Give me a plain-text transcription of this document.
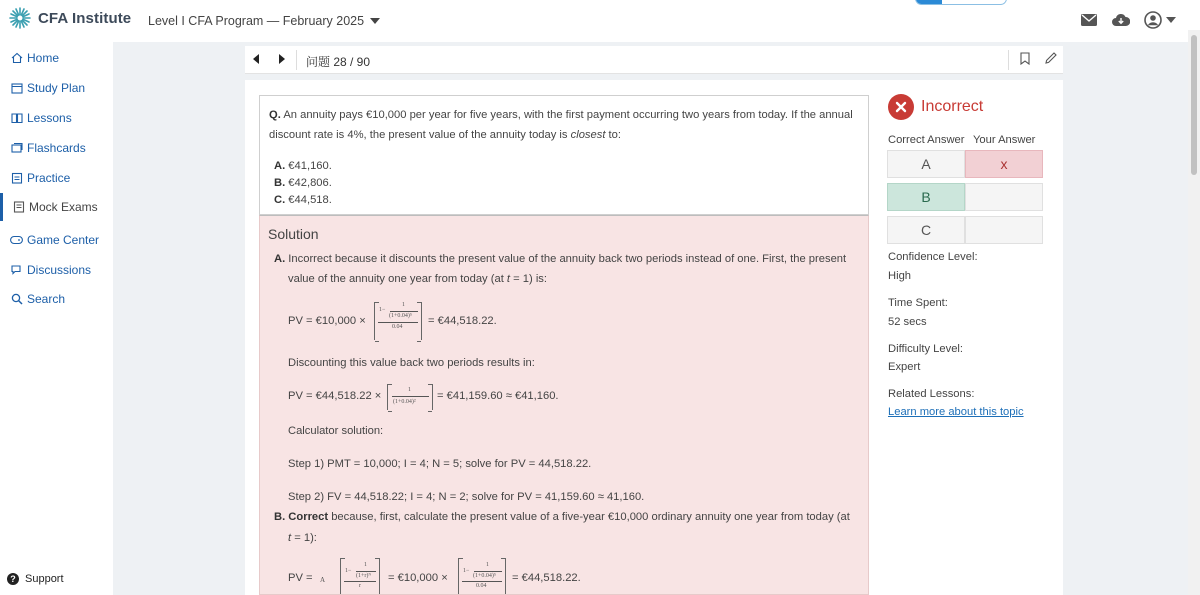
CFA Institute Level I CFA Program — February 2025
Home
Study Plan
Lessons
Flashcards
Practice
Mock Exams
Game Center
Discussions
Search
? Support
问题 28 / 90
Q. An annuity pays €10,000 per year for five years, with the first payment occurring two years from today. If the annual
discount rate is 4%, the present value of the annuity today is closest to:
A. €41,160.
B. €42,806.
C. €44,518.
Solution
A. Incorrect because it discounts the present value of the annuity back two periods instead of one. First, the present
value of the annuity one year from today (at t = 1) is:
PV = €10,000 ×
1−
1
(1+0.04)⁵
0.04 = €44,518.22.
Discounting this value back two periods results in:
PV = €44,518.22 ×	1
(1+0.04)² = €41,159.60 ≈ €41,160.
Calculator solution:
Step 1) PMT = 10,000; I = 4; N = 5; solve for PV = 44,518.22.
Step 2) FV = 44,518.22; I = 4; N = 2; solve for PV = 41,159.60 ≈ 41,160.
B. Correct because, first, calculate the present value of a five-year €10,000 ordinary annuity one year from today (at
t = 1):
PV = A
1−
1
(1+r)ᴺ
r
= €10,000 ×
1−
1
(1+0.04)⁵
0.04
= €44,518.22.
Incorrect
Correct Answer Your Answer
A	x
B
C
Confidence Level:
High
Time Spent:
52 secs
Difficulty Level:
Expert
Related Lessons:
Learn more about this topic
